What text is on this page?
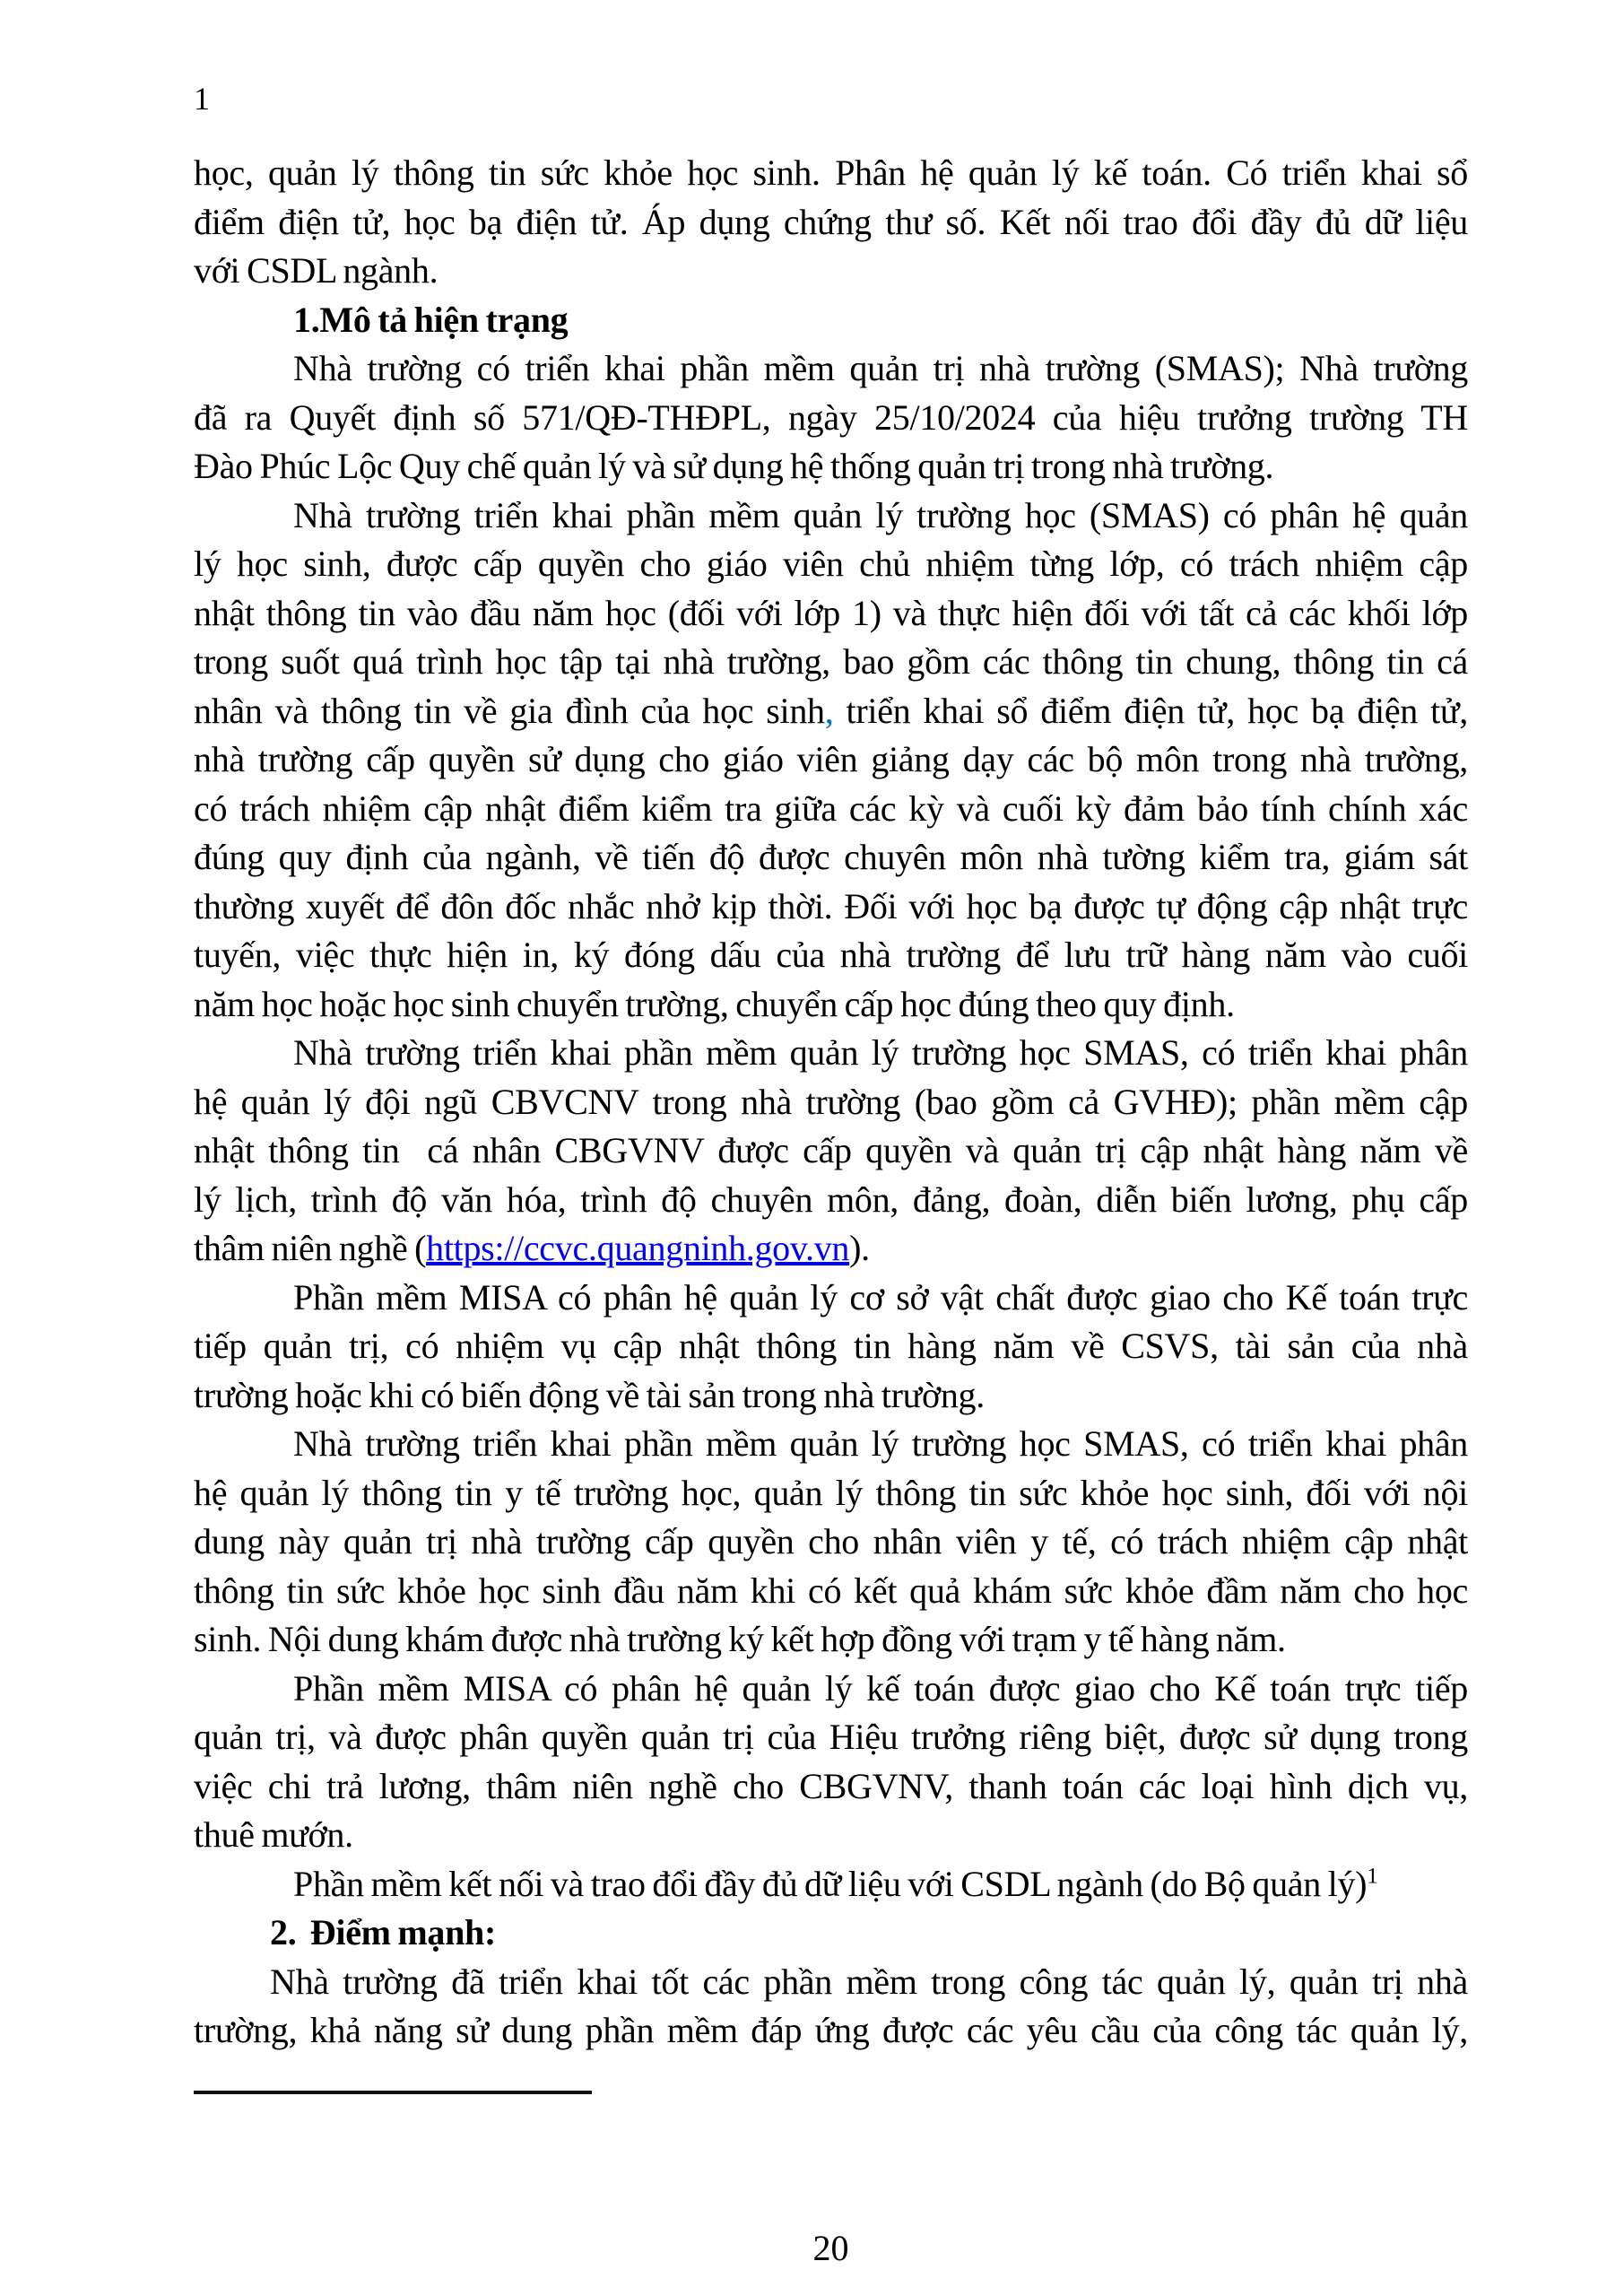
1
học, quản lý thông tin sức khỏe học sinh. Phân hệ quản lý kế toán. Có triển khai sổ
điểm điện tử, học bạ điện tử. Áp dụng chứng thư số. Kết nối trao đổi đầy đủ dữ liệu
với CSDL ngành.
1.Mô tả hiện trạng
Nhà trường có triển khai phần mềm quản trị nhà trường (SMAS); Nhà trường
đã ra Quyết định số 571/QĐ-THĐPL, ngày 25/10/2024 của hiệu trưởng trường TH
Đào Phúc Lộc Quy chế quản lý và sử dụng hệ thống quản trị trong nhà trường.
Nhà trường triển khai phần mềm quản lý trường học (SMAS) có phân hệ quản
lý học sinh, được cấp quyền cho giáo viên chủ nhiệm từng lớp, có trách nhiệm cập
nhật thông tin vào đầu năm học (đối với lớp 1) và thực hiện đối với tất cả các khối lớp
trong suốt quá trình học tập tại nhà trường, bao gồm các thông tin chung, thông tin cá
nhân và thông tin về gia đình của học sinh, triển khai sổ điểm điện tử, học bạ điện tử,
nhà trường cấp quyền sử dụng cho giáo viên giảng dạy các bộ môn trong nhà trường,
có trách nhiệm cập nhật điểm kiểm tra giữa các kỳ và cuối kỳ đảm bảo tính chính xác
đúng quy định của ngành, về tiến độ được chuyên môn nhà tường kiểm tra, giám sát
thường xuyết để đôn đốc nhắc nhở kịp thời. Đối với học bạ được tự động cập nhật trực
tuyến, việc thực hiện in, ký đóng dấu của nhà trường để lưu trữ hàng năm vào cuối
năm học hoặc học sinh chuyển trường, chuyển cấp học đúng theo quy định.
Nhà trường triển khai phần mềm quản lý trường học SMAS, có triển khai phân
hệ quản lý đội ngũ CBVCNV trong nhà trường (bao gồm cả GVHĐ); phần mềm cập
nhật thông tin  cá nhân CBGVNV được cấp quyền và quản trị cập nhật hàng năm về
lý lịch, trình độ văn hóa, trình độ chuyên môn, đảng, đoàn, diễn biến lương, phụ cấp
thâm niên nghề (https://ccvc.quangninh.gov.vn).
Phần mềm MISA có phân hệ quản lý cơ sở vật chất được giao cho Kế toán trực
tiếp quản trị, có nhiệm vụ cập nhật thông tin hàng năm về CSVS, tài sản của nhà
trường hoặc khi có biến động về tài sản trong nhà trường.
Nhà trường triển khai phần mềm quản lý trường học SMAS, có triển khai phân
hệ quản lý thông tin y tế trường học, quản lý thông tin sức khỏe học sinh, đối với nội
dung này quản trị nhà trường cấp quyền cho nhân viên y tế, có trách nhiệm cập nhật
thông tin sức khỏe học sinh đầu năm khi có kết quả khám sức khỏe đầm năm cho học
sinh. Nội dung khám được nhà trường ký kết hợp đồng với trạm y tế hàng năm.
Phần mềm MISA có phân hệ quản lý kế toán được giao cho Kế toán trực tiếp
quản trị, và được phân quyền quản trị của Hiệu trưởng riêng biệt, được sử dụng trong
việc chi trả lương, thâm niên nghề cho CBGVNV, thanh toán các loại hình dịch vụ,
thuê mướn.
Phần mềm kết nối và trao đổi đầy đủ dữ liệu với CSDL ngành (do Bộ quản lý)$^1$
2.  Điểm mạnh:
Nhà trường đã triển khai tốt các phần mềm trong công tác quản lý, quản trị nhà
trường, khả năng sử dung phần mềm đáp ứng được các yêu cầu của công tác quản lý,
20
